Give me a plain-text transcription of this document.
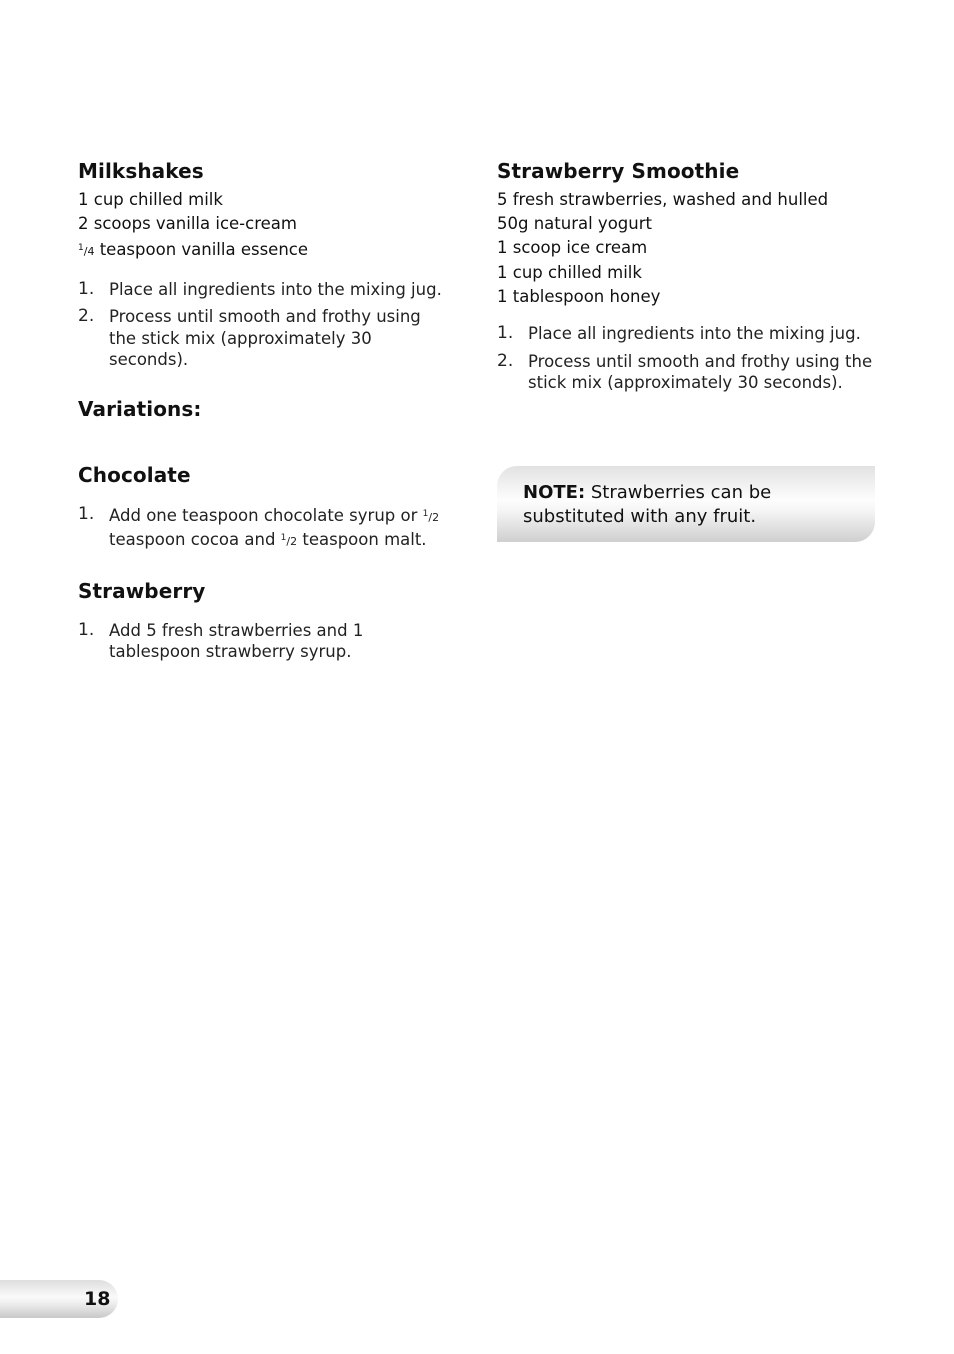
Milkshakes
1 cup chilled milk
2 scoops vanilla ice-cream
$^1$/4 teaspoon vanilla essence
1. Place all ingredients into the mixing jug.
2. Process until smooth and frothy using the stick mix (approximately 30 seconds).
Variations:
Chocolate
1. Add one teaspoon chocolate syrup or $^1$/2 teaspoon cocoa and $^1$/2 teaspoon malt.
Strawberry
1. Add 5 fresh strawberries and 1 tablespoon strawberry syrup.
Strawberry Smoothie
5 fresh strawberries, washed and hulled
50g natural yogurt
1 scoop ice cream
1 cup chilled milk
1 tablespoon honey
1. Place all ingredients into the mixing jug.
2. Process until smooth and frothy using the stick mix (approximately 30 seconds).
NOTE: Strawberries can be substituted with any fruit.
18
